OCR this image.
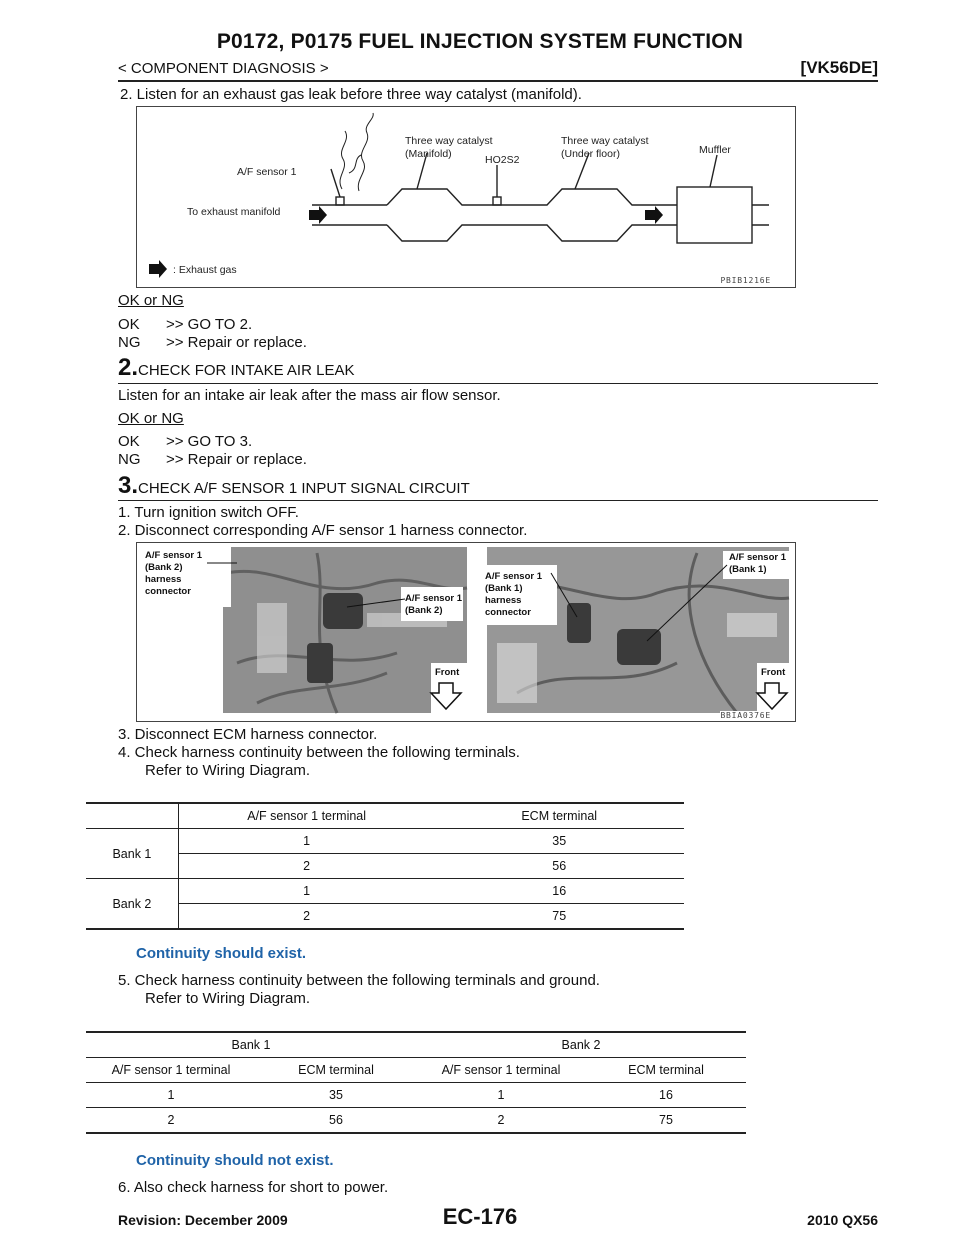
P0172, P0175 FUEL INJECTION SYSTEM FUNCTION
< COMPONENT DIAGNOSIS >	[VK56DE]
2. Listen for an exhaust gas leak before three way catalyst (manifold).
A/F sensor 1
Three way catalyst
(Manifold)	HO2S2
Three way catalyst
(Under floor)	Muffler
To exhaust manifold
: Exhaust gas
PBIB1216E
OK or NG
OK >> GO TO 2.
NG >> Repair or replace.
2.CHECK FOR INTAKE AIR LEAK
Listen for an intake air leak after the mass air flow sensor.
OK or NG
OK >> GO TO 3.
NG >> Repair or replace.
3.CHECK A/F SENSOR 1 INPUT SIGNAL CIRCUIT
1. Turn ignition switch OFF.
2. Disconnect corresponding A/F sensor 1 harness connector.
A/F sensor 1
(Bank 2)
harness
connector
A/F sensor 1
(Bank 2)
A/F sensor 1
(Bank 1)
harness
connector
A/F sensor 1
(Bank 1)
Front	Front
BBIA0376E
3. Disconnect ECM harness connector.
4. Check harness continuity between the following terminals.
Refer to Wiring Diagram.
	A/F sensor 1 terminal	ECM terminal
Bank 1	1	35
	2	56
Bank 2	1	16
	2	75
Continuity should exist.
5. Check harness continuity between the following terminals and ground.
Refer to Wiring Diagram.
Bank 1		Bank 2	
A/F sensor 1 terminal	ECM terminal	A/F sensor 1 terminal	ECM terminal
1	35	1	16
2	56	2	75
Continuity should not exist.
6. Also check harness for short to power.
Revision: December 2009	EC-176	2010 QX56
